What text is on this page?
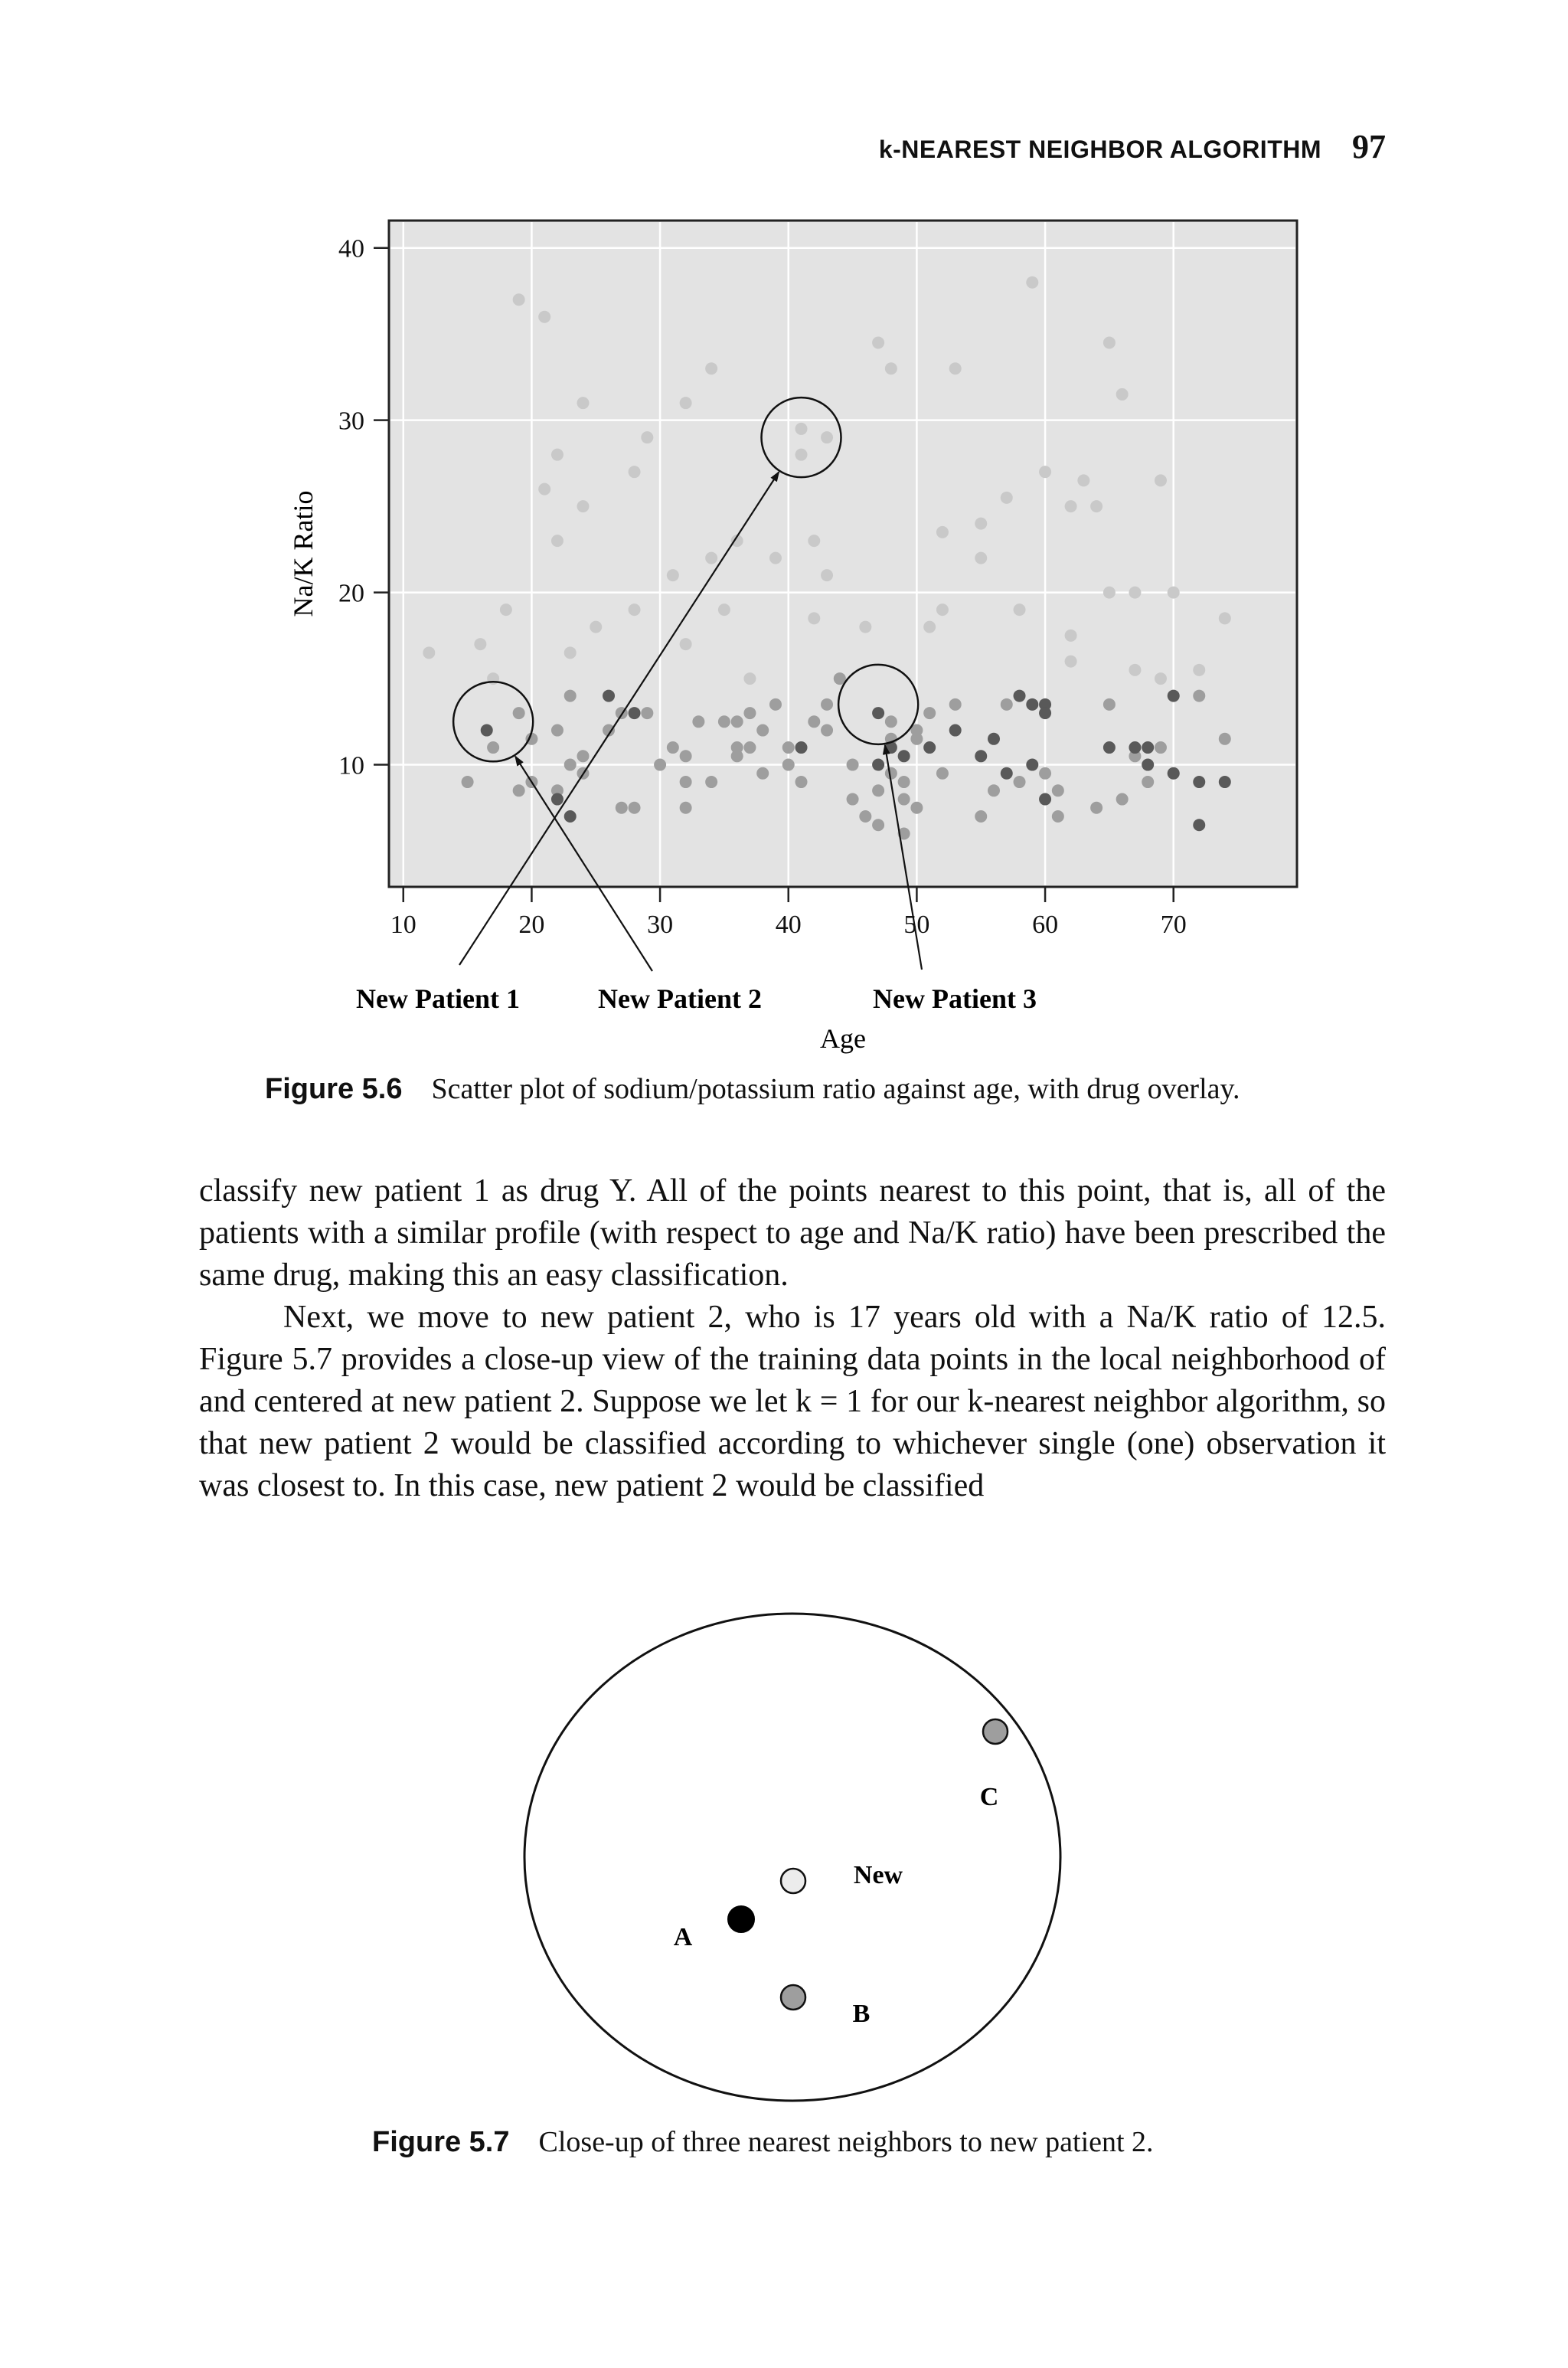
k-NEAREST NEIGHBOR ALGORITHM 97
10	20	30	40	50	60	70
10
20
30
40
Na/K Ratio
Age
New Patient 1	New Patient 2	New Patient 3
Figure 5.6 Scatter plot of sodium/potassium ratio against age, with drug overlay.

classify new patient 1 as drug Y. All of the points nearest to this point, that is, all of the patients with a similar profile (with respect to age and Na/K ratio) have been prescribed the same drug, making this an easy classification.

Next, we move to new patient 2, who is 17 years old with a Na/K ratio of 12.5. Figure 5.7 provides a close-up view of the training data points in the local neighborhood of and centered at new patient 2. Suppose we let k = 1 for our k-nearest neighbor algorithm, so that new patient 2 would be classified according to whichever single (one) observation it was closest to. In this case, new patient 2 would be classified

C
New
A
B
Figure 5.7 Close-up of three nearest neighbors to new patient 2.
